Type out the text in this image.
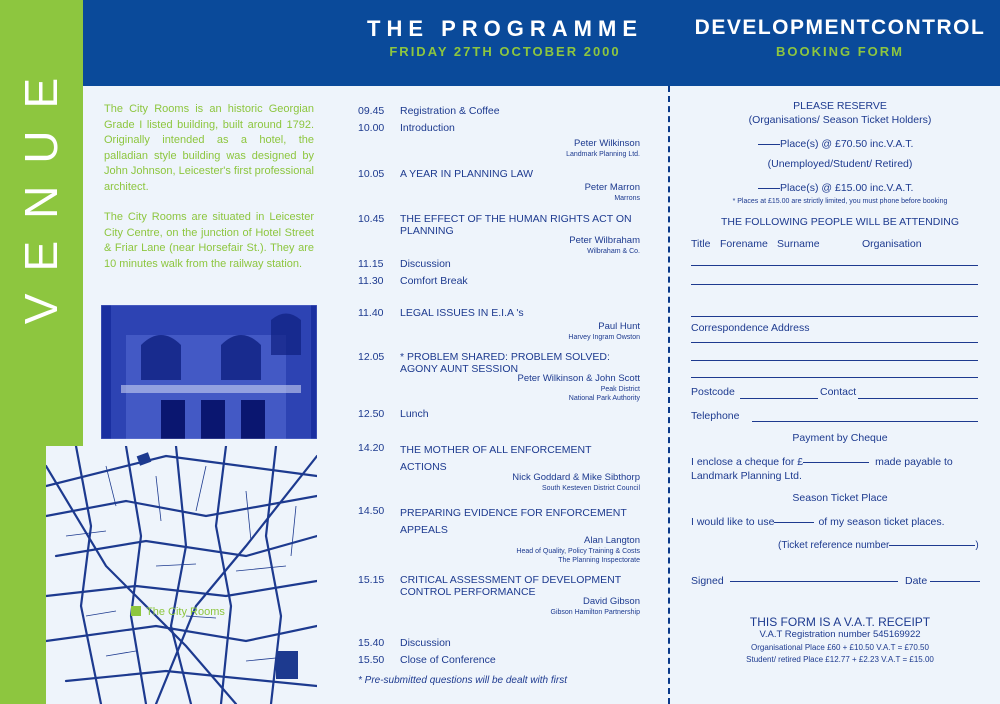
VENUE	The City Rooms is an historic Georgian Grade I listed building, built around 1792. Originally intended as a hotel, the palladian style building was designed by John Johnson, Leicester's first professional architect.
The City Rooms are situated in Leicester City Centre, on the junction of Hotel Street & Friar Lane (near Horsefair St.). They are 10 minutes walk from the railway station.
The City Rooms
THE PROGRAMME
FRIDAY 27TH OCTOBER 2000
09.45	Registration & Coffee
10.00	Introduction
Peter Wilkinson
Landmark Planning Ltd.
10.05	A YEAR IN PLANNING LAW
Peter Marron
Marrons
10.45	THE EFFECT OF THE HUMAN RIGHTS ACT ON PLANNING
Peter Wilbraham
Wilbraham & Co.
11.15	Discussion
11.30	Comfort Break
11.40	LEGAL ISSUES IN E.I.A 's
Paul Hunt
Harvey Ingram Owston
12.05	* PROBLEM SHARED: PROBLEM SOLVED: AGONY AUNT SESSION
Peter Wilkinson & John Scott
Peak District
National Park Authority
12.50	Lunch
14.20	THE MOTHER OF ALL ENFORCEMENT ACTIONS
Nick Goddard & Mike Sibthorp
South Kesteven District Council
14.50	PREPARING EVIDENCE FOR ENFORCEMENT APPEALS
Alan Langton
Head of Quality, Policy Training & Costs
The Planning Inspectorate
15.15	CRITICAL ASSESSMENT OF DEVELOPMENT CONTROL PERFORMANCE
David Gibson
Gibson Hamilton Partnership
15.40	Discussion
15.50	Close of Conference
* Pre-submitted questions will be dealt with first
DEVELOPMENTCONTROL
BOOKING FORM
PLEASE RESERVE
(Organisations/ Season Ticket Holders)
Place(s) @ £70.50 inc.V.A.T.
(Unemployed/Student/ Retired)
Place(s) @ £15.00 inc.V.A.T.
* Places at £15.00 are strictly limited, you must phone before booking
THE FOLLOWING PEOPLE WILL BE ATTENDING
Title Forename Surname	Organisation
Correspondence Address
Postcode	Contact
Telephone
Payment by Cheque
I enclose a cheque for £	made payable to
Landmark Planning Ltd.
Season Ticket Place
I would like to use	of my season ticket places.
(Ticket reference number	)
Signed	Date
THIS FORM IS A V.A.T. RECEIPT
V.A.T Registration number 545169922
Organisational Place £60 + £10.50 V.A.T = £70.50
Student/ retired Place £12.77 + £2.23 V.A.T = £15.00
